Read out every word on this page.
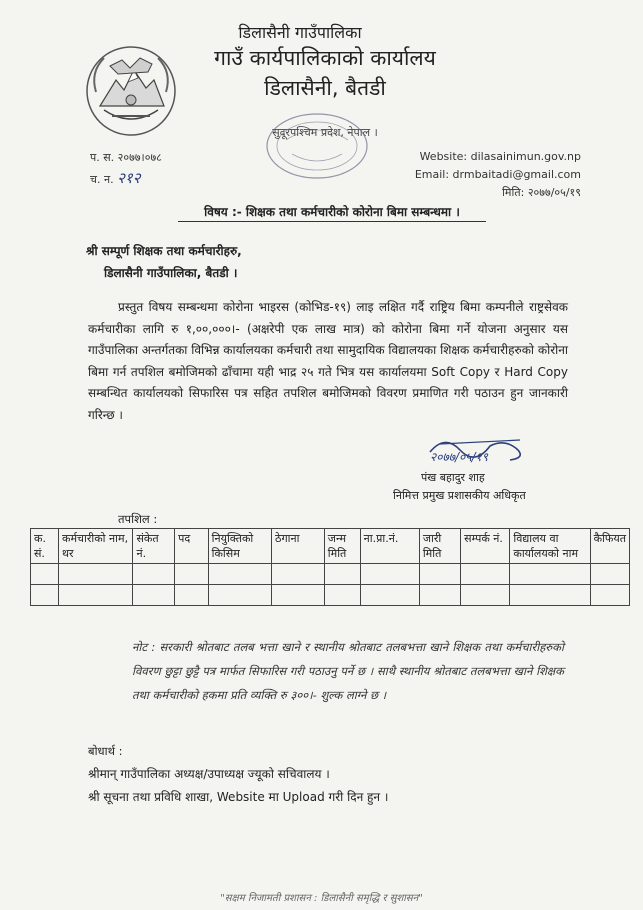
डिलासैनी गाउँपालिका
गाउँ कार्यपालिकाको कार्यालय
डिलासैनी, बैतडी
सुदूरपश्चिम प्रदेश, नेपाल ।
प. स. २०७७।०७८
च. न. २१२
Website: dilasainimun.gov.np
Email: drmbaitadi@gmail.com
मिति: २०७७/०५/१९
विषय :- शिक्षक तथा कर्मचारीको कोरोना बिमा सम्बन्धमा ।
श्री सम्पूर्ण शिक्षक तथा कर्मचारीहरु,
डिलासैनी गाउँपालिका, बैतडी ।
प्रस्तुत विषय सम्बन्धमा कोरोना भाइरस (कोभिड-१९) लाइ लक्षित गर्दै राष्ट्रिय बिमा कम्पनीले राष्ट्रसेवक कर्मचारीका लागि रु १,००,०००।- (अक्षरेपी एक लाख मात्र) को कोरोना बिमा गर्ने योजना अनुसार यस गाउँपालिका अन्तर्गतका विभिन्न कार्यालयका कर्मचारी तथा सामुदायिक विद्यालयका शिक्षक कर्मचारीहरुको कोरोना बिमा गर्न तपशिल बमोजिमको ढाँचामा यही भाद्र २५ गते भित्र यस कार्यालयमा Soft Copy र Hard Copy सम्बन्धित कार्यालयको सिफारिस पत्र सहित तपशिल बमोजिमको विवरण प्रमाणित गरी पठाउन हुन जानकारी गरिन्छ ।
२०७७/०५/१९
पंख बहादुर शाह
निमित्त प्रमुख प्रशासकीय अधिकृत
तपशिल :
क. सं.	कर्मचारीको नाम, थर	संकेत नं.	पद	नियुक्तिको किसिम	ठेगाना	जन्म मिति	ना.प्रा.नं.	जारी मिति	सम्पर्क नं.	विद्यालय वा कार्यालयको नाम	कैफियत

नोट : सरकारी श्रोतबाट तलब भत्ता खाने र स्थानीय श्रोतबाट तलबभत्ता खाने शिक्षक तथा कर्मचारीहरुको विवरण छुट्टा छुट्टै पत्र मार्फत सिफारिस गरी पठाउनु पर्ने छ । साथै स्थानीय श्रोतबाट तलबभत्ता खाने शिक्षक तथा कर्मचारीको हकमा प्रति व्यक्ति रु ३००।- शुल्क लाग्ने छ ।
बोधार्थ :
श्रीमान् गाउँपालिका अध्यक्ष/उपाध्यक्ष ज्यूको सचिवालय ।
श्री सूचना तथा प्रविधि शाखा, Website मा Upload गरी दिन हुन ।
"सक्षम निजामती प्रशासन : डिलासैनी समृद्धि र सुशासन"
